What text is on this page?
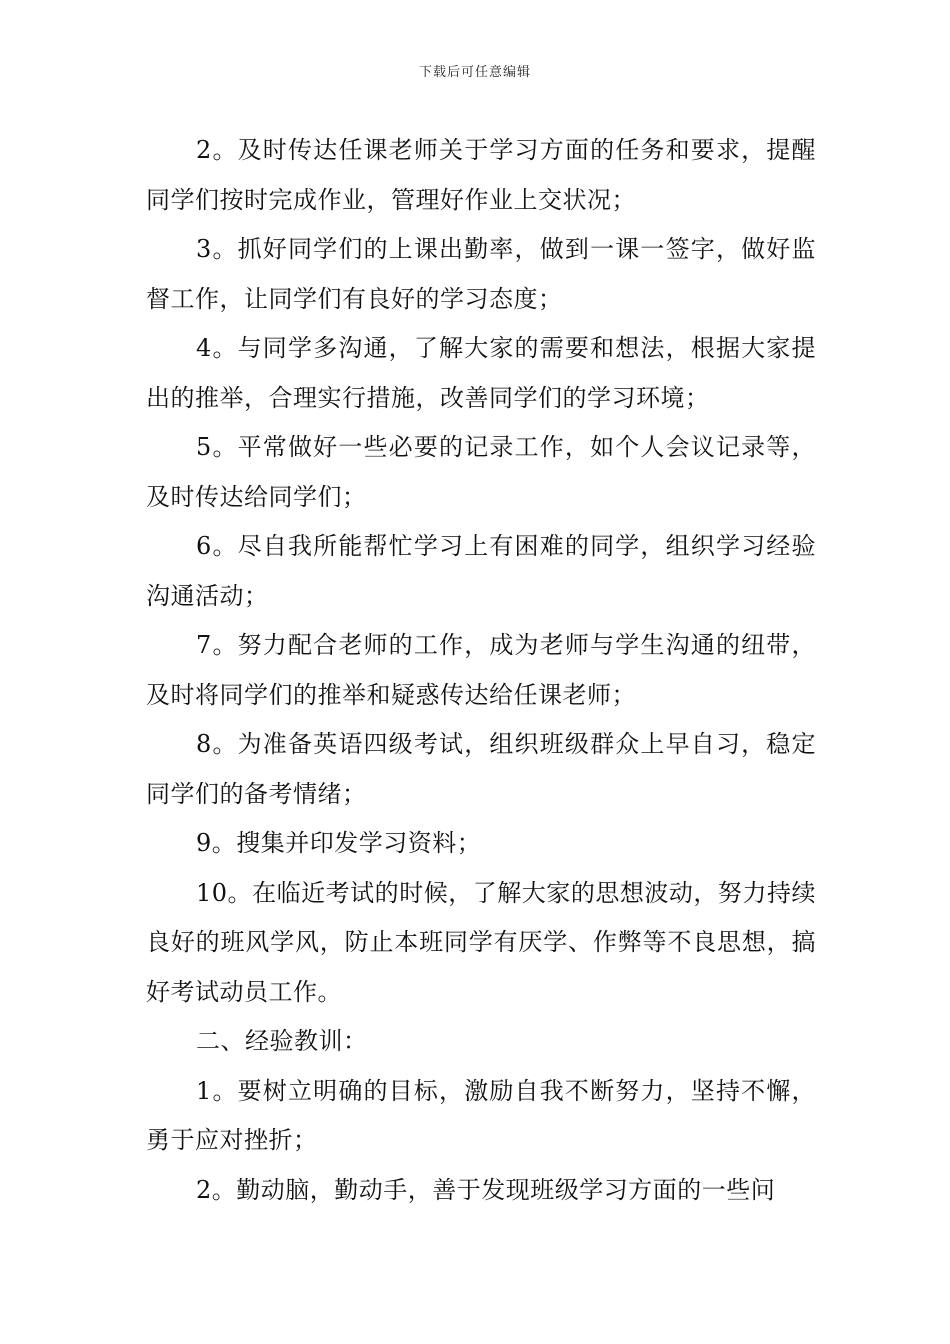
下载后可任意编辑

2。及时传达任课老师关于学习方面的任务和要求，提醒同学们按时完成作业，管理好作业上交状况；

3。抓好同学们的上课出勤率，做到一课一签字，做好监督工作，让同学们有良好的学习态度；

4。与同学多沟通，了解大家的需要和想法，根据大家提出的推举，合理实行措施，改善同学们的学习环境；

5。平常做好一些必要的记录工作，如个人会议记录等，及时传达给同学们；

6。尽自我所能帮忙学习上有困难的同学，组织学习经验沟通活动；

7。努力配合老师的工作，成为老师与学生沟通的纽带，及时将同学们的推举和疑惑传达给任课老师；

8。为准备英语四级考试，组织班级群众上早自习，稳定同学们的备考情绪；

9。搜集并印发学习资料；

10。在临近考试的时候，了解大家的思想波动，努力持续良好的班风学风，防止本班同学有厌学、作弊等不良思想，搞好考试动员工作。

二、经验教训：

1。要树立明确的目标，激励自我不断努力，坚持不懈，勇于应对挫折；

2。勤动脑，勤动手，善于发现班级学习方面的一些问
